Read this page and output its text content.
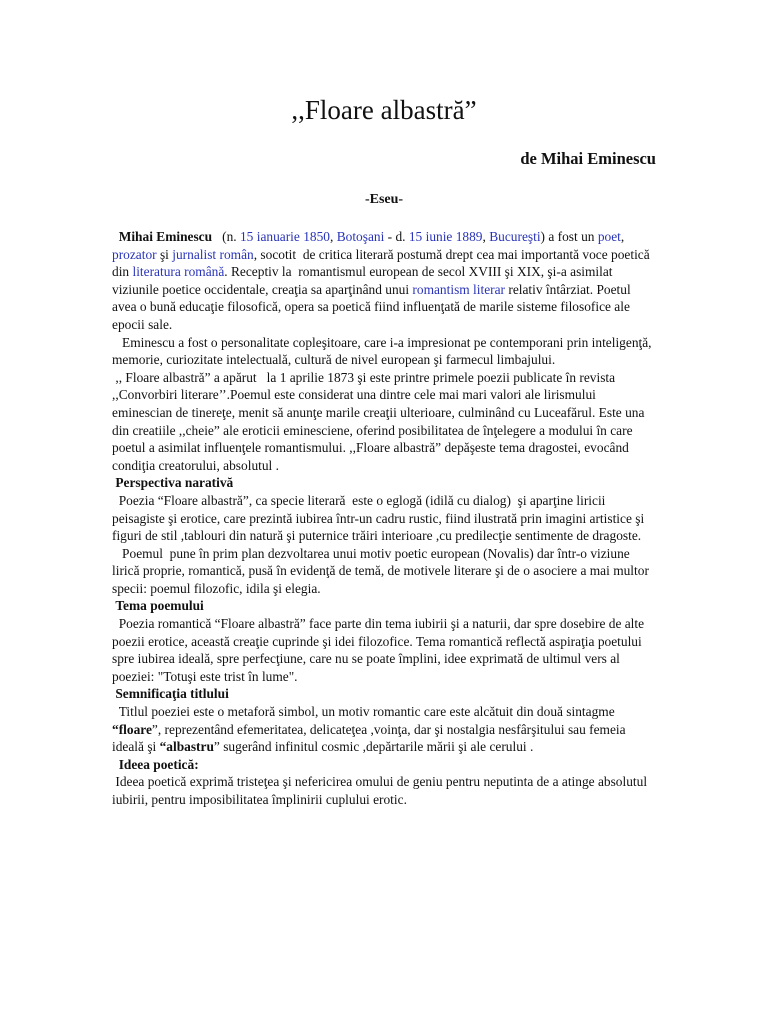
,,Floare albastră”
de Mihai Eminescu
-Eseu-

Mihai Eminescu   (n. 15 ianuarie 1850, Botoşani - d. 15 iunie 1889, Bucureşti) a fost un poet, prozator şi jurnalist român, socotit  de critica literară postumă drept cea mai importantă voce poetică din literatura română. Receptiv la  romantismul european de secol XVIII şi XIX, şi-a asimilat viziunile poetice occidentale, creaţia sa aparţinând unui romantism literar relativ întârziat. Poetul avea o bună educaţie filosofică, opera sa poetică fiind influenţată de marile sisteme filosofice ale epocii sale.

Eminescu a fost o personalitate copleşitoare, care i-a impresionat pe contemporani prin inteligenţă, memorie, curiozitate intelectuală, cultură de nivel european şi farmecul limbajului.

,, Floare albastră” a apărut   la 1 aprilie 1873 şi este printre primele poezii publicate în revista ,,Convorbiri literare’’.Poemul este considerat una dintre cele mai mari valori ale lirismului eminescian de tinereţe, menit să anunţe marile creaţii ulterioare, culminând cu Luceafărul. Este una din creatiile ,,cheie” ale eroticii eminesciene, oferind posibilitatea de înţelegere a modului în care poetul a asimilat influenţele romantismului. ,,Floare albastră” depăşeste tema dragostei, evocând condiţia creatorului, absolutul .

Perspectiva narativă

Poezia “Floare albastră”, ca specie literară  este o eglogă (idilă cu dialog)  şi aparţine liricii peisagiste şi erotice, care prezintă iubirea într-un cadru rustic, fiind ilustrată prin imagini artistice şi figuri de stil ,tablouri din natură şi puternice trăiri interioare ,cu predilecţie sentimente de dragoste.

Poemul  pune în prim plan dezvoltarea unui motiv poetic european (Novalis) dar într-o viziune lirică proprie, romantică, pusă în evidenţă de temă, de motivele literare şi de o asociere a mai multor specii: poemul filozofic, idila şi elegia.

Tema poemului

Poezia romantică “Floare albastră” face parte din tema iubirii şi a naturii, dar spre dosebire de alte poezii erotice, această creaţie cuprinde şi idei filozofice. Tema romantică reflectă aspiraţia poetului spre iubirea ideală, spre perfecţiune, care nu se poate împlini, idee exprimată de ultimul vers al poeziei: "Totuşi este trist în lume".

Semnificaţia titlului

Titlul poeziei este o metaforă simbol, un motiv romantic care este alcătuit din două sintagme “floare”, reprezentând efemeritatea, delicateţea ,voinţa, dar şi nostalgia nesfârşitului sau femeia ideală şi “albastru” sugerând infinitul cosmic ,depărtarile mării şi ale cerului .

Ideea poetică:

Ideea poetică exprimă tristeţea şi nefericirea omului de geniu pentru neputinta de a atinge absolutul iubirii, pentru imposibilitatea împlinirii cuplului erotic.
